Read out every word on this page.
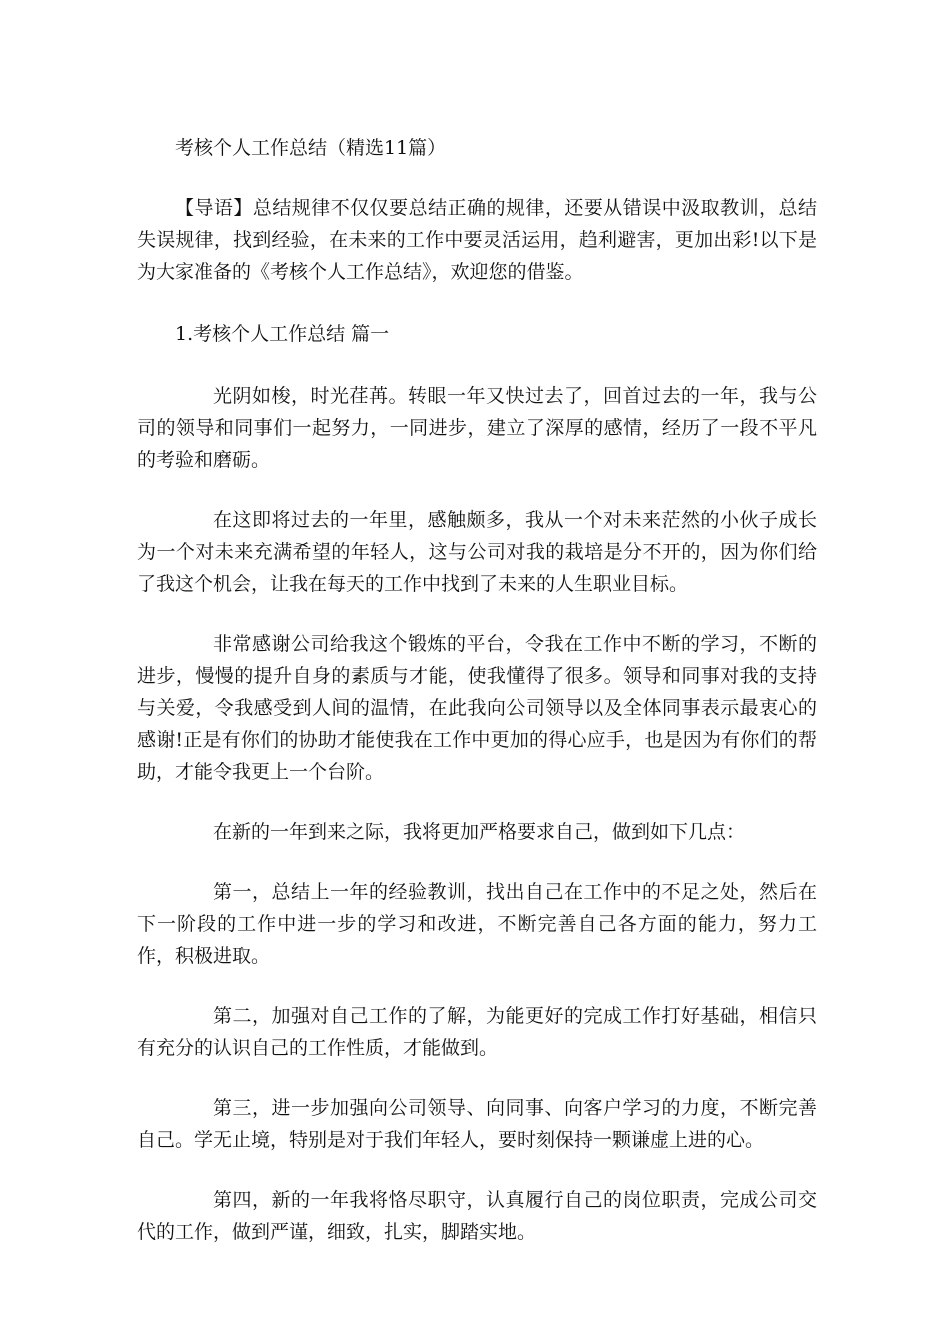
考核个人工作总结（精选11篇）

【导语】总结规律不仅仅要总结正确的规律，还要从错误中汲取教训，总结失误规律，找到经验，在未来的工作中要灵活运用，趋利避害，更加出彩!以下是为大家准备的《考核个人工作总结》，欢迎您的借鉴。

1.考核个人工作总结 篇一

光阴如梭，时光荏苒。转眼一年又快过去了，回首过去的一年，我与公司的领导和同事们一起努力，一同进步，建立了深厚的感情，经历了一段不平凡的考验和磨砺。

在这即将过去的一年里，感触颇多，我从一个对未来茫然的小伙子成长为一个对未来充满希望的年轻人，这与公司对我的栽培是分不开的，因为你们给了我这个机会，让我在每天的工作中找到了未来的人生职业目标。

非常感谢公司给我这个锻炼的平台，令我在工作中不断的学习，不断的进步，慢慢的提升自身的素质与才能，使我懂得了很多。领导和同事对我的支持与关爱，令我感受到人间的温情，在此我向公司领导以及全体同事表示最衷心的感谢!正是有你们的协助才能使我在工作中更加的得心应手，也是因为有你们的帮助，才能令我更上一个台阶。

在新的一年到来之际，我将更加严格要求自己，做到如下几点：

第一，总结上一年的经验教训，找出自己在工作中的不足之处，然后在下一阶段的工作中进一步的学习和改进，不断完善自己各方面的能力，努力工作，积极进取。

第二，加强对自己工作的了解，为能更好的完成工作打好基础，相信只有充分的认识自己的工作性质，才能做到。

第三，进一步加强向公司领导、向同事、向客户学习的力度，不断完善自己。学无止境，特别是对于我们年轻人，要时刻保持一颗谦虚上进的心。

第四，新的一年我将恪尽职守，认真履行自己的岗位职责，完成公司交代的工作，做到严谨，细致，扎实，脚踏实地。
